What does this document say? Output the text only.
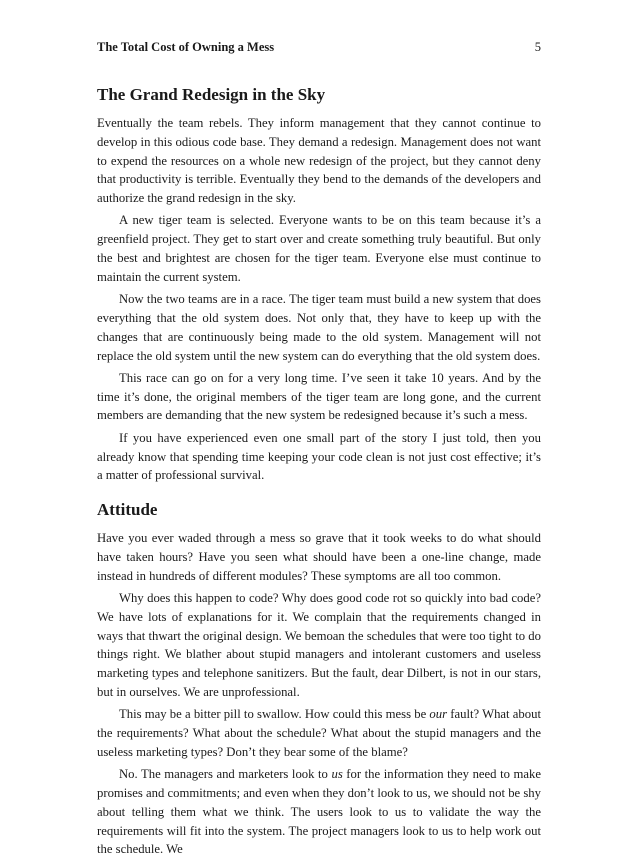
The Total Cost of Owning a Mess	5
The Grand Redesign in the Sky

Eventually the team rebels. They inform management that they cannot continue to develop in this odious code base. They demand a redesign. Management does not want to expend the resources on a whole new redesign of the project, but they cannot deny that productivity is terrible. Eventually they bend to the demands of the developers and authorize the grand redesign in the sky.

A new tiger team is selected. Everyone wants to be on this team because it’s a greenfield project. They get to start over and create something truly beautiful. But only the best and brightest are chosen for the tiger team. Everyone else must continue to maintain the current system.

Now the two teams are in a race. The tiger team must build a new system that does everything that the old system does. Not only that, they have to keep up with the changes that are continuously being made to the old system. Management will not replace the old system until the new system can do everything that the old system does.

This race can go on for a very long time. I’ve seen it take 10 years. And by the time it’s done, the original members of the tiger team are long gone, and the current members are demanding that the new system be redesigned because it’s such a mess.

If you have experienced even one small part of the story I just told, then you already know that spending time keeping your code clean is not just cost effective; it’s a matter of professional survival.

Attitude

Have you ever waded through a mess so grave that it took weeks to do what should have taken hours? Have you seen what should have been a one-line change, made instead in hundreds of different modules? These symptoms are all too common.

Why does this happen to code? Why does good code rot so quickly into bad code? We have lots of explanations for it. We complain that the requirements changed in ways that thwart the original design. We bemoan the schedules that were too tight to do things right. We blather about stupid managers and intolerant customers and useless marketing types and telephone sanitizers. But the fault, dear Dilbert, is not in our stars, but in ourselves. We are unprofessional.

This may be a bitter pill to swallow. How could this mess be our fault? What about the requirements? What about the schedule? What about the stupid managers and the useless marketing types? Don’t they bear some of the blame?

No. The managers and marketers look to us for the information they need to make promises and commitments; and even when they don’t look to us, we should not be shy about telling them what we think. The users look to us to validate the way the requirements will fit into the system. The project managers look to us to help work out the schedule. We
